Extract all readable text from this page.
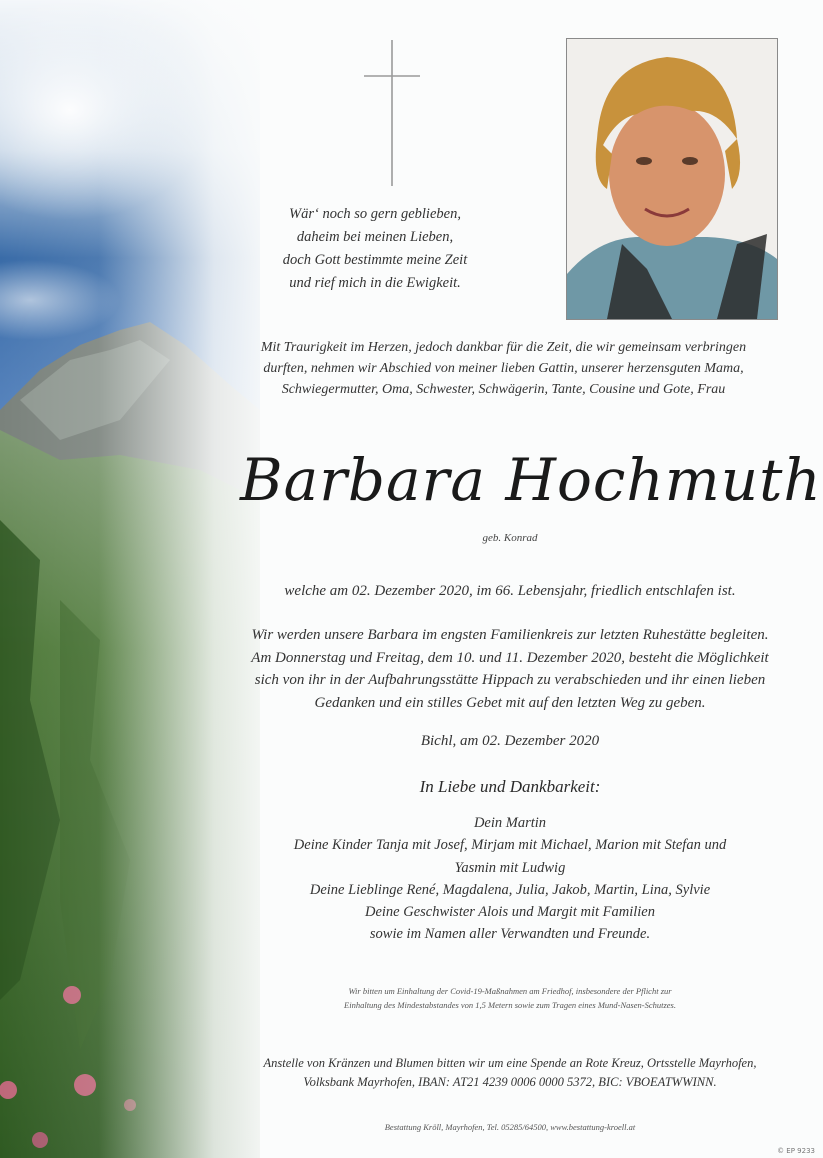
Wär‘ noch so gern geblieben,
daheim bei meinen Lieben,
doch Gott bestimmte meine Zeit
und rief mich in die Ewigkeit.
Mit Traurigkeit im Herzen, jedoch dankbar für die Zeit, die wir gemeinsam verbringen
durften, nehmen wir Abschied von meiner lieben Gattin, unserer herzensguten Mama,
Schwiegermutter, Oma, Schwester, Schwägerin, Tante, Cousine und Gote, Frau
Barbara Hochmuth
geb. Konrad
welche am 02. Dezember 2020, im 66. Lebensjahr, friedlich entschlafen ist.
Wir werden unsere Barbara im engsten Familienkreis zur letzten Ruhestätte begleiten.
Am Donnerstag und Freitag, dem 10. und 11. Dezember 2020, besteht die Möglichkeit
sich von ihr in der Aufbahrungsstätte Hippach zu verabschieden und ihr einen lieben
Gedanken und ein stilles Gebet mit auf den letzten Weg zu geben.
Bichl, am 02. Dezember 2020
In Liebe und Dankbarkeit:
Dein Martin
Deine Kinder Tanja mit Josef, Mirjam mit Michael, Marion mit Stefan und
Yasmin mit Ludwig
Deine Lieblinge René, Magdalena, Julia, Jakob, Martin, Lina, Sylvie
Deine Geschwister Alois und Margit mit Familien
sowie im Namen aller Verwandten und Freunde.
Wir bitten um Einhaltung der Covid-19-Maßnahmen am Friedhof, insbesondere der Pflicht zur
Einhaltung des Mindestabstandes von 1,5 Metern sowie zum Tragen eines Mund-Nasen-Schutzes.
Anstelle von Kränzen und Blumen bitten wir um eine Spende an Rote Kreuz, Ortsstelle Mayrhofen,
Volksbank Mayrhofen, IBAN: AT21 4239 0006 0000 5372, BIC: VBOEATWWINN.
Bestattung Kröll, Mayrhofen, Tel. 05285/64500, www.bestattung-kroell.at
© EP 9233
